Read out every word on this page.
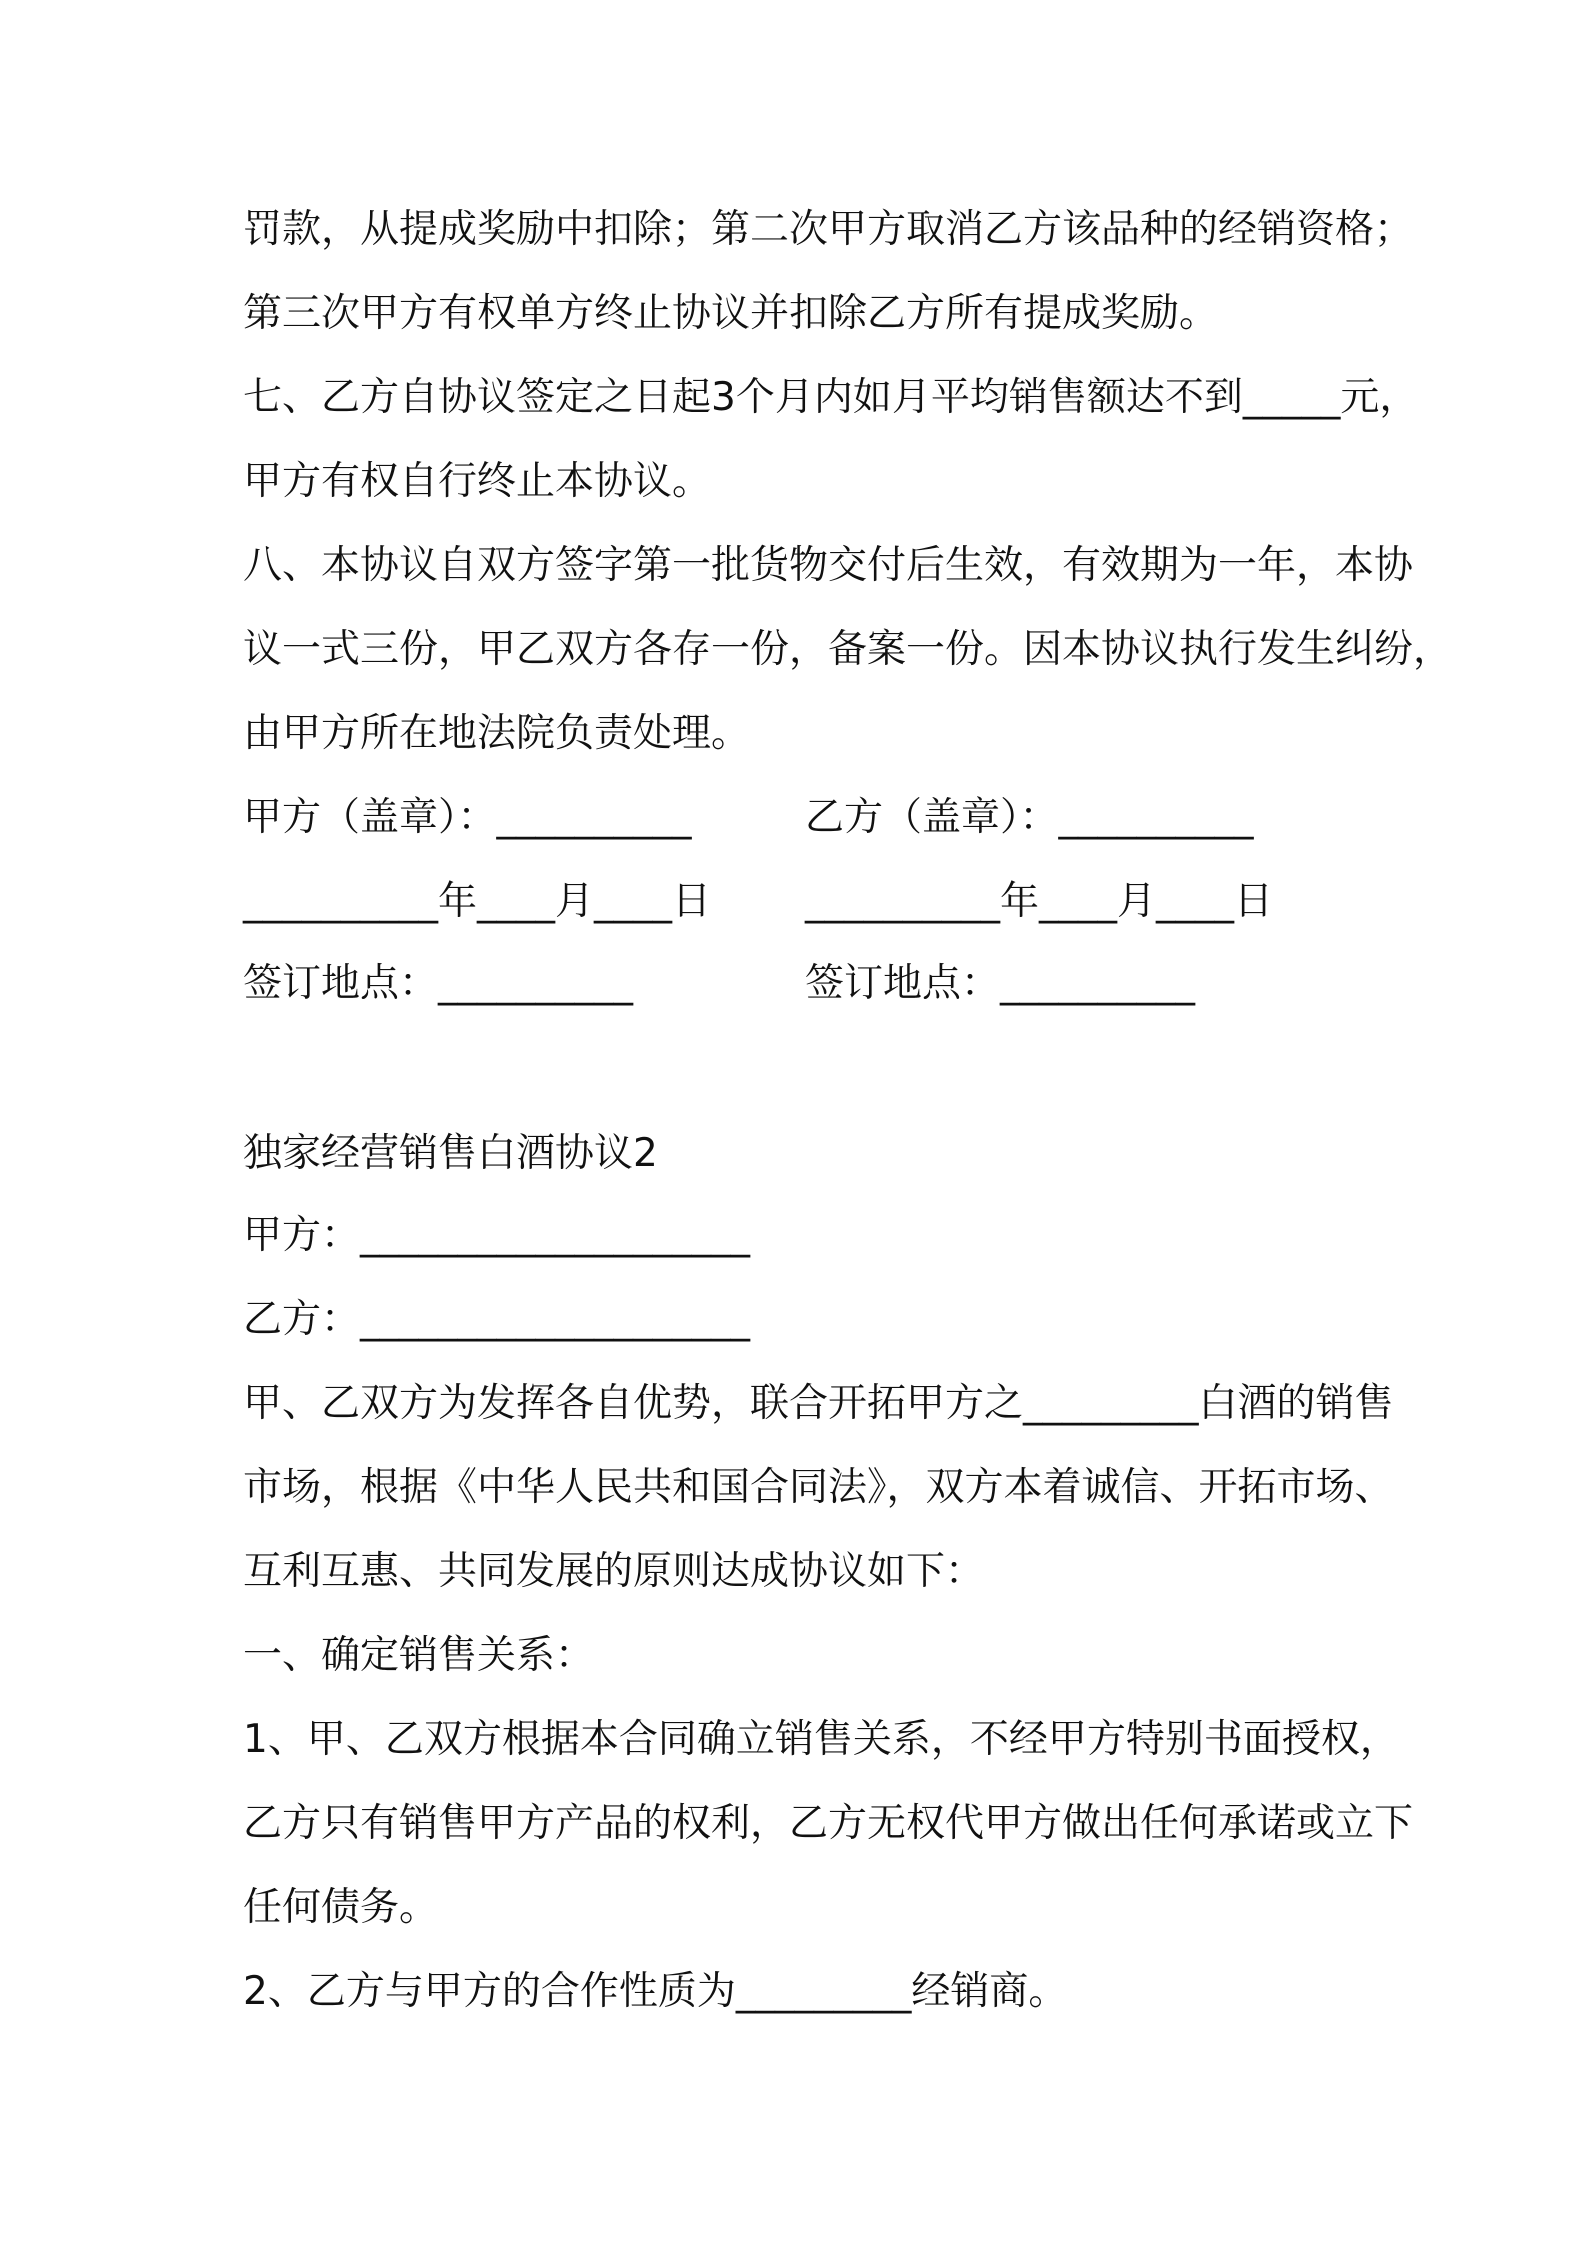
罚款，从提成奖励中扣除；第二次甲方取消乙方该品种的经销资格；
第三次甲方有权单方终止协议并扣除乙方所有提成奖励。
七、乙方自协议签定之日起3个月内如月平均销售额达不到_____元，
甲方有权自行终止本协议。
八、本协议自双方签字第一批货物交付后生效，有效期为一年，本协
议一式三份，甲乙双方各存一份，备案一份。因本协议执行发生纠纷，
由甲方所在地法院负责处理。
甲方（盖章）：__________	乙方（盖章）：__________
__________年____月____日 __________年____月____日
签订地点：__________	签订地点：__________
独家经营销售白酒协议2
甲方：____________________
乙方：____________________
甲、乙双方为发挥各自优势，联合开拓甲方之_________白酒的销售
市场，根据《中华人民共和国合同法》，双方本着诚信、开拓市场、
互利互惠、共同发展的原则达成协议如下：
一、确定销售关系：
1、甲、乙双方根据本合同确立销售关系，不经甲方特别书面授权，
乙方只有销售甲方产品的权利，乙方无权代甲方做出任何承诺或立下
任何债务。
2、乙方与甲方的合作性质为_________经销商。
